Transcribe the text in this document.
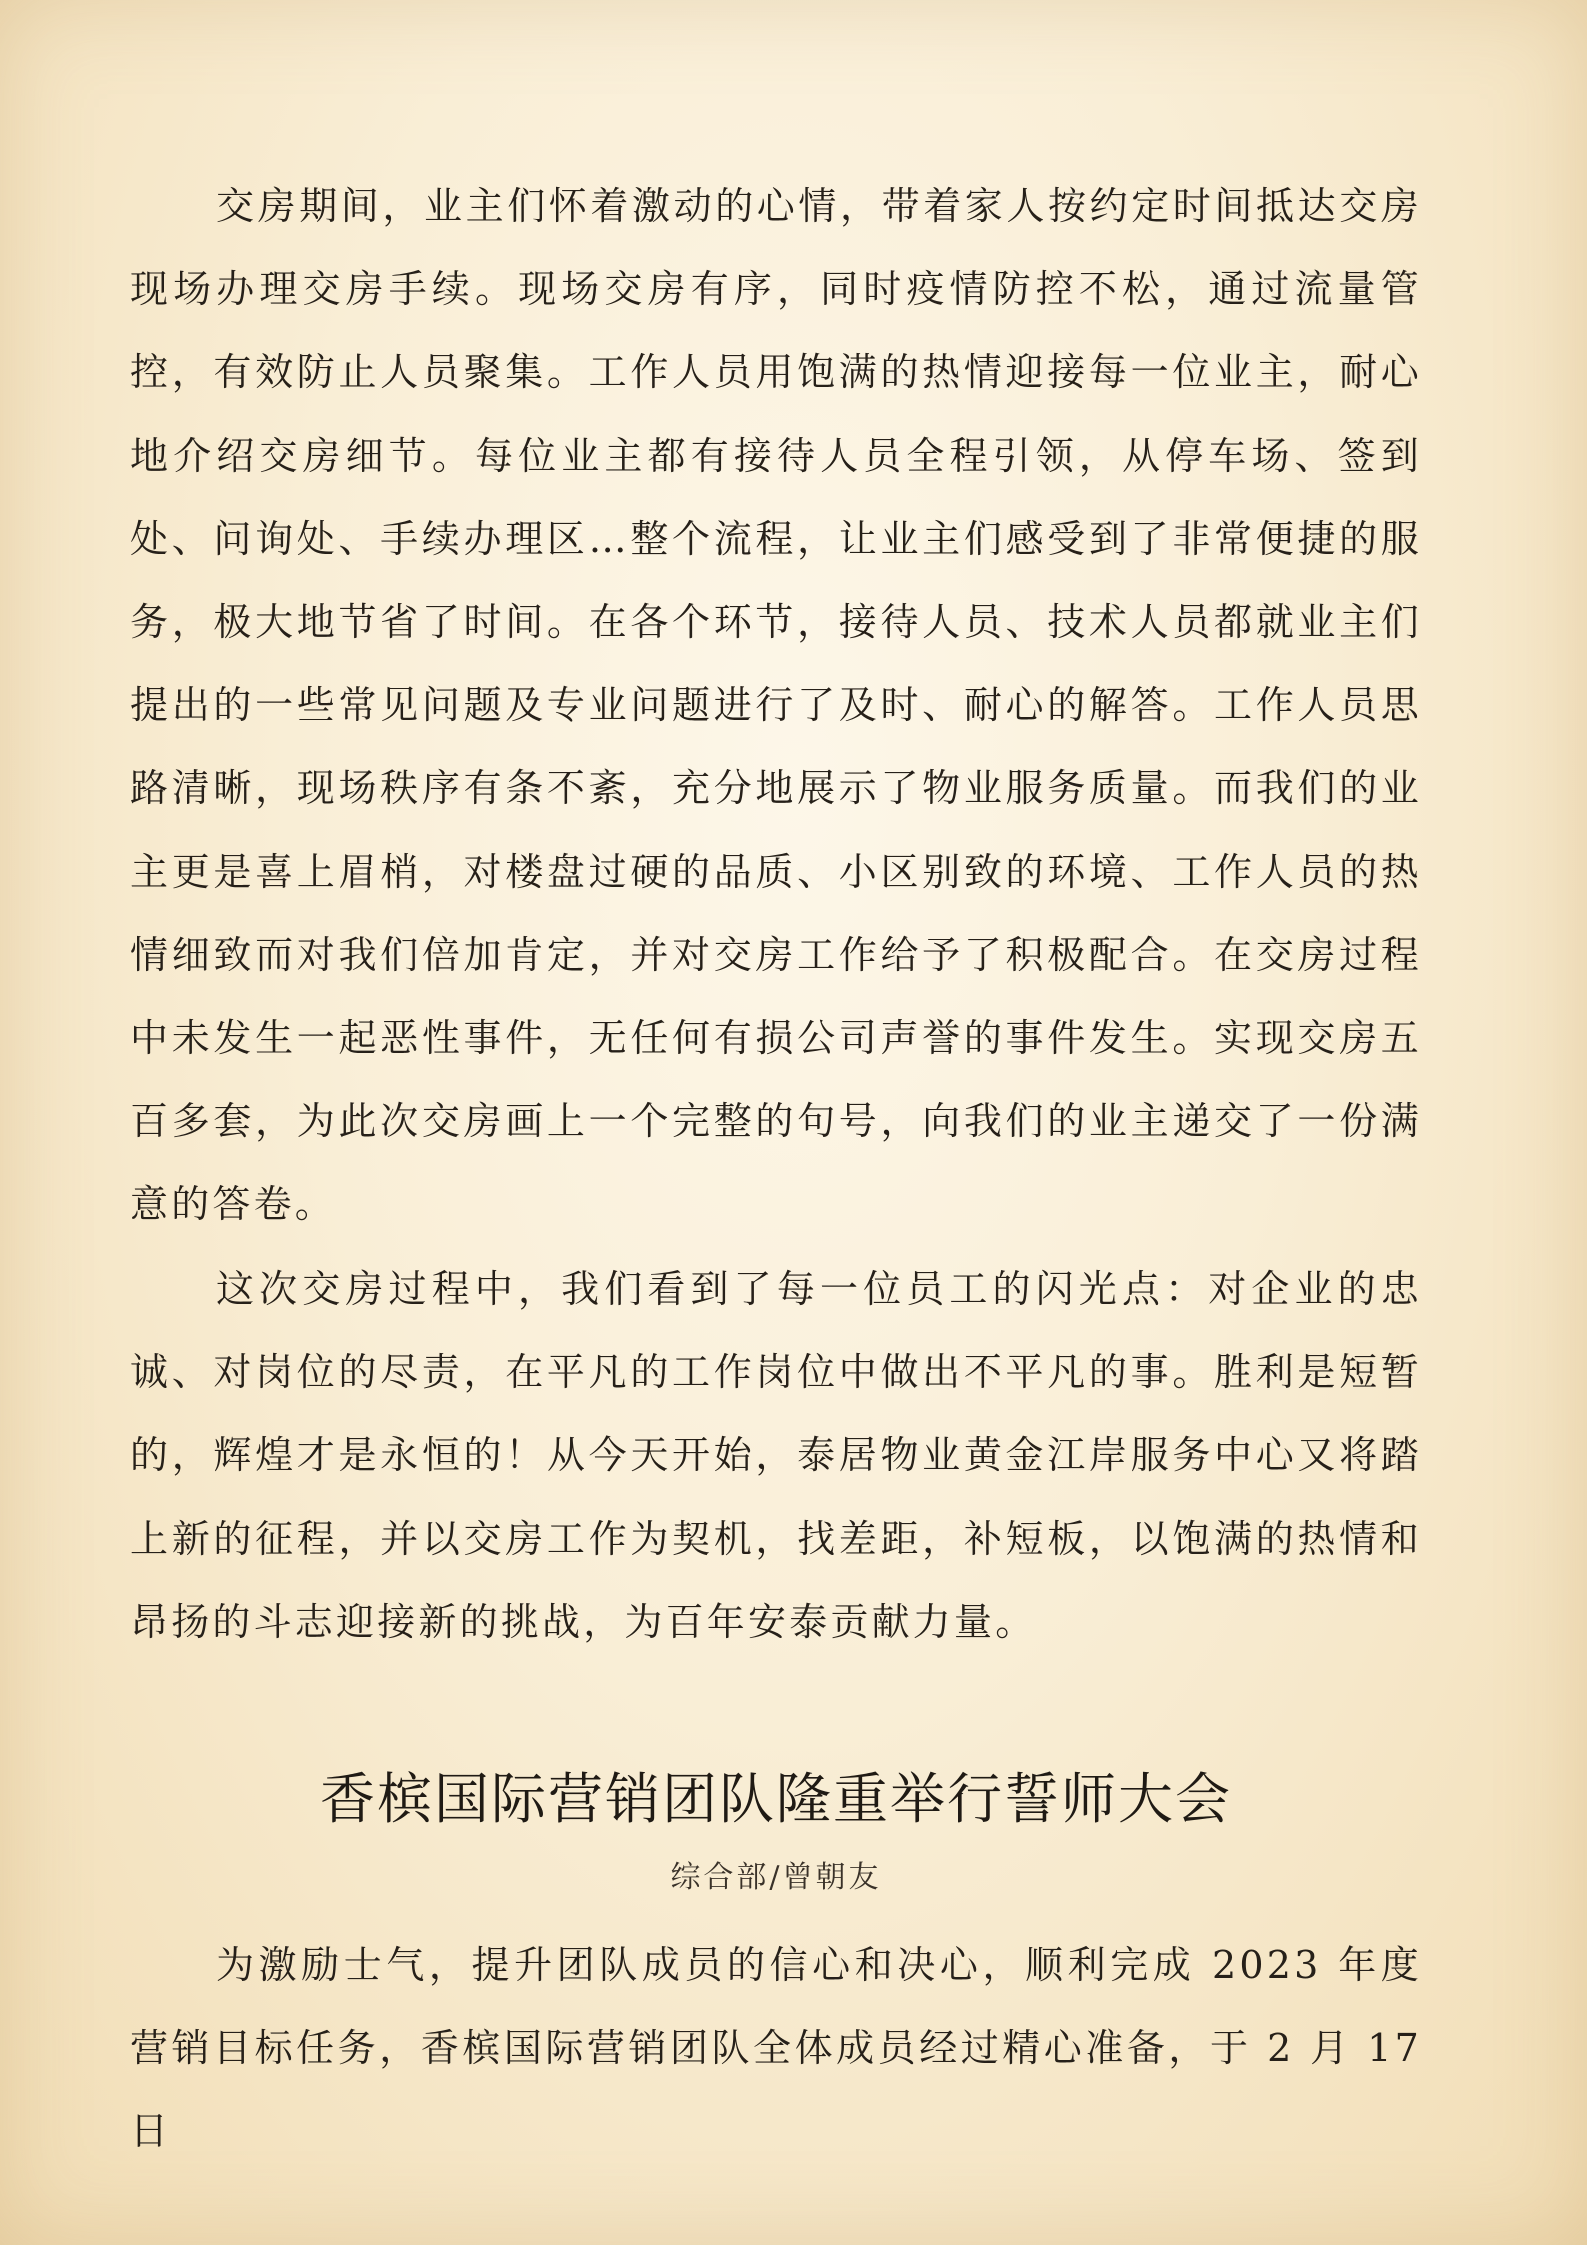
交房期间，业主们怀着激动的心情，带着家人按约定时间抵达交房现场办理交房手续。现场交房有序，同时疫情防控不松，通过流量管控，有效防止人员聚集。工作人员用饱满的热情迎接每一位业主，耐心地介绍交房细节。每位业主都有接待人员全程引领，从停车场、签到处、问询处、手续办理区…整个流程，让业主们感受到了非常便捷的服务，极大地节省了时间。在各个环节，接待人员、技术人员都就业主们提出的一些常见问题及专业问题进行了及时、耐心的解答。工作人员思路清晰，现场秩序有条不紊，充分地展示了物业服务质量。而我们的业主更是喜上眉梢，对楼盘过硬的品质、小区别致的环境、工作人员的热情细致而对我们倍加肯定，并对交房工作给予了积极配合。在交房过程中未发生一起恶性事件，无任何有损公司声誉的事件发生。实现交房五百多套，为此次交房画上一个完整的句号，向我们的业主递交了一份满意的答卷。

这次交房过程中，我们看到了每一位员工的闪光点：对企业的忠诚、对岗位的尽责，在平凡的工作岗位中做出不平凡的事。胜利是短暂的，辉煌才是永恒的！从今天开始，泰居物业黄金江岸服务中心又将踏上新的征程，并以交房工作为契机，找差距，补短板，以饱满的热情和昂扬的斗志迎接新的挑战，为百年安泰贡献力量。

香槟国际营销团队隆重举行誓师大会

综合部/曾朝友

为激励士气，提升团队成员的信心和决心，顺利完成 2023 年度营销目标任务，香槟国际营销团队全体成员经过精心准备，于 2 月 17 日
